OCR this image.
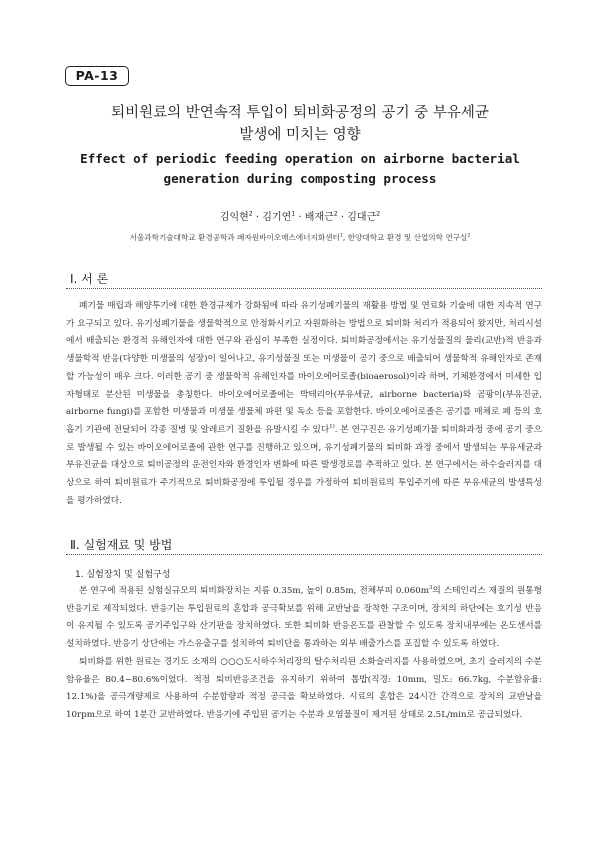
PA-13
퇴비원료의 반연속적 투입이 퇴비화공정의 공기 중 부유세균
발생에 미치는 영향
Effect of periodic feeding operation on airborne bacterial
generation during composting process
김익현$^2$ · 김기연$^1$ · 배재근$^2$ · 김대근$^2$
서울과학기술대학교 환경공학과 폐자원바이오매스에너지화센터$^1$, 한양대학교 환경 및 산업의학 연구실$^2$
Ⅰ. 서 론

폐기물 매립과 해양투기에 대한 환경규제가 강화됨에 따라 유기성폐기물의 재활용 방법 및 연료화 기술에 대한 지속적 연구가 요구되고 있다. 유기성폐기물을 생물학적으로 안정화시키고 자원화하는 방법으로 퇴비화 처리가 적용되어 왔지만, 처리시설에서 배출되는 환경적 유해인자에 대한 연구와 관심이 부족한 실정이다. 퇴비화공정에서는 유기성물질의 물리(교반)적 반응과 생물학적 반응(다양한 미생물의 성장)이 일어나고, 유기성물질 또는 미생물이 공기 중으로 배출되어 생물학적 유해인자로 존재할 가능성이 매우 크다. 이러한 공기 중 생물학적 유해인자를 바이오에어로졸(bioaerosol)이라 하며, 기체환경에서 미세한 입자형태로 분산된 미생물을 총칭한다. 바이오에어로졸에는 박테리아(부유세균, airborne bacteria)와 곰팡이(부유진균, airborne fungi)를 포함한 미생물과 미생물 생물체 파편 및 독소 등을 포함한다. 바이오에어로졸은 공기를 매체로 폐 등의 호흡기 기관에 전달되어 각종 질병 및 알레르기 질환을 유발시킬 수 있다$^{1)}$. 본 연구진은 유기성폐기물 퇴비화과정 중에 공기 중으로 발생될 수 있는 바이오에어로졸에 관한 연구를 진행하고 있으며, 유기성폐기물의 퇴비화 과정 중에서 발생되는 부유세균과 부유진균을 대상으로 퇴비공정의 운전인자와 환경인자 변화에 따른 발생경로를 추적하고 있다. 본 연구에서는 하수슬러지를 대상으로 하여 퇴비원료가 주기적으로 퇴비화공정에 투입될 경우를 가정하여 퇴비원료의 투입주기에 따른 부유세균의 발생특성을 평가하였다.

Ⅱ. 실험재료 및 방법
1. 실험장치 및 실험구성

본 연구에 적용된 실험실규모의 퇴비화장치는 지름 0.35m, 높이 0.85m, 전체부피 $0.060m^3$의 스테인리스 재질의 원통형반응기로 제작되었다. 반응기는 투입원료의 혼합과 공극확보를 위해 교반날을 장착한 구조이며, 장치의 하단에는 호기성 반응이 유지될 수 있도록 공기주입구와 산기판을 장치하였다. 또한 퇴비화 반응온도를 관찰할 수 있도록 장치내부에는 온도센서를 설치하였다. 반응기 상단에는 가스유출구를 설치하여 퇴비단을 통과하는 외부 배출가스를 포집할 수 있도록 하였다.

퇴비화를 위한 원료는 경기도 소재의 ○○○도시하수처리장의 탈수처리된 소화슬러지를 사용하였으며, 초기 슬러지의 수분함유율은 80.4~80.6%이었다. 적정 퇴비반응조건을 유지하기 위하여 톱밥(직경: 10mm, 밀도: 66.7kg, 수분함유율: 12.1%)을 공극개량제로 사용하여 수분함량과 적정 공극을 확보하였다. 시료의 혼합은 24시간 간격으로 장치의 교반날을 10rpm으로 하여 1분간 교반하였다. 반응기에 주입된 공기는 수분과 오염물질이 제거된 상태로 2.5L/min로 공급되었다.
